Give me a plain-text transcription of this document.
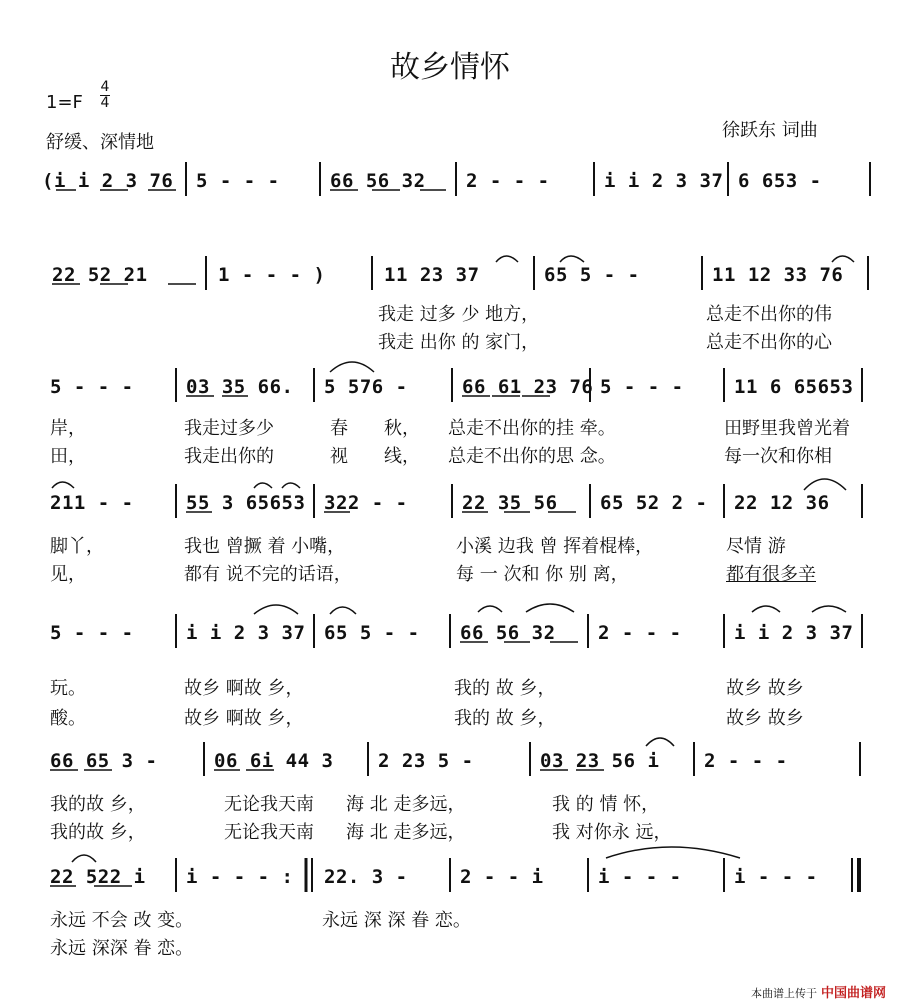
故乡情怀
1=F
4
4
舒缓、深情地
徐跃东 词曲
(i i 2 3 76 5 - - -	66 56 32 2 - - -	i i 2 3 37 6 653 -
22 52 21	1 - - - )	11 23 37	65 5 - -	11 12 33 76
我走 过多 少 地方，	总走不出你的伟
我走 出你 的 家门，	总走不出你的心
5 - - -	03 35 66. 5 576 -	66 61 23 76 5 - - -	11 6 65653
岸，	我走过多少	春 秋， 总走不出你的挂 牵。	田野里我曾光着
田，	我走出你的	视 线， 总走不出你的思 念。	每一次和你相
211 - -	55 3 65653 322 - -	22 35 56 65 52 2 - 22 12 36
脚丫，	我也 曾撅 着 小嘴，	小溪 边我 曾 挥着棍棒，	尽情 游
见，	都有 说不完的话语，	每 一 次和 你 别 离，	都有很多辛
5 - - -	i i 2 3 37 65 5 - - 66 56 32 2 - - -	i i 2 3 37
玩。	故乡 啊故 乡，	我的 故 乡，	故乡 故乡
酸。	故乡 啊故 乡，	我的 故 乡，	故乡 故乡
66 65 3 -	06 6i 44 3 2 23 5 -	03 23 56 i 2 - - -
我的故 乡，	无论我天南 海 北 走多远，	我 的 情 怀，
我的故 乡，	无论我天南 海 北 走多远，	我 对你永 远，
22 522 i i - - - : 22. 3 -	2 - - i	i - - -	i - - -
永远 不会 改 变。	永远 深 深 眷 恋。
永远 深深 眷 恋。
本曲谱上传于 中国曲谱网
